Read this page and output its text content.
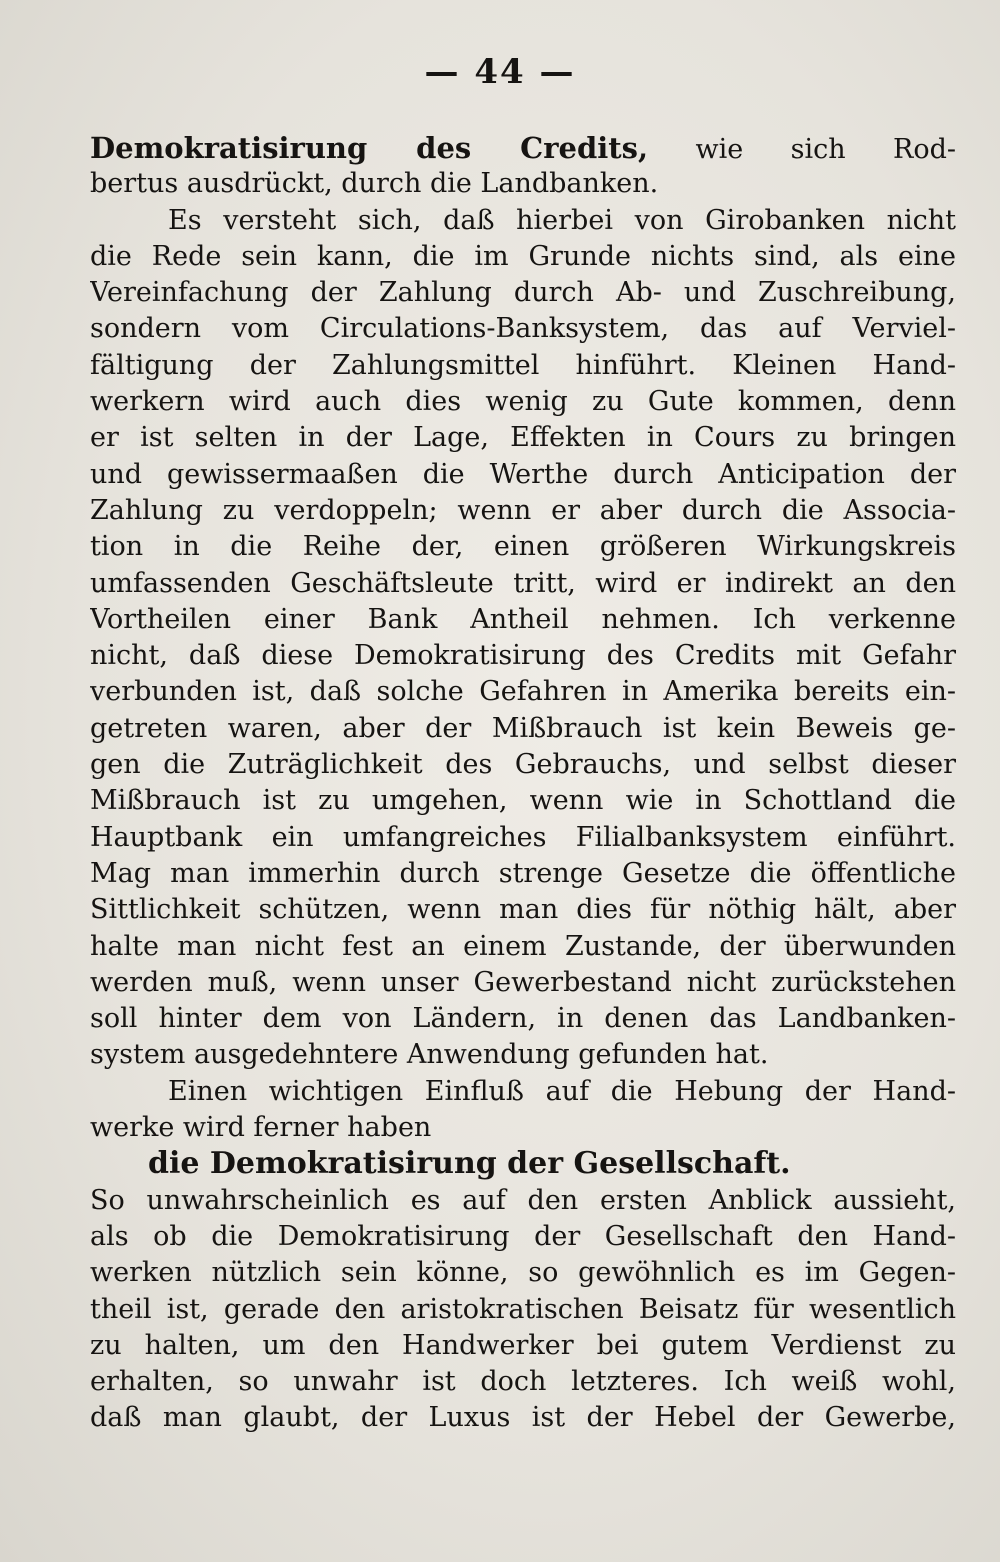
— 44 —
Demokratisirung des Credits, wie sich Rod-
bertus ausdrückt, durch die Landbanken.
Es versteht sich, daß hierbei von Girobanken nicht
die Rede sein kann, die im Grunde nichts sind, als eine
Vereinfachung der Zahlung durch Ab- und Zuschreibung,
sondern vom Circulations-Banksystem, das auf Verviel-
fältigung der Zahlungsmittel hinführt. Kleinen Hand-
werkern wird auch dies wenig zu Gute kommen, denn
er ist selten in der Lage, Effekten in Cours zu bringen
und gewissermaaßen die Werthe durch Anticipation der
Zahlung zu verdoppeln; wenn er aber durch die Associa-
tion in die Reihe der, einen größeren Wirkungskreis
umfassenden Geschäftsleute tritt, wird er indirekt an den
Vortheilen einer Bank Antheil nehmen. Ich verkenne
nicht, daß diese Demokratisirung des Credits mit Gefahr
verbunden ist, daß solche Gefahren in Amerika bereits ein-
getreten waren, aber der Mißbrauch ist kein Beweis ge-
gen die Zuträglichkeit des Gebrauchs, und selbst dieser
Mißbrauch ist zu umgehen, wenn wie in Schottland die
Hauptbank ein umfangreiches Filialbanksystem einführt.
Mag man immerhin durch strenge Gesetze die öffentliche
Sittlichkeit schützen, wenn man dies für nöthig hält, aber
halte man nicht fest an einem Zustande, der überwunden
werden muß, wenn unser Gewerbestand nicht zurückstehen
soll hinter dem von Ländern, in denen das Landbanken-
system ausgedehntere Anwendung gefunden hat.
Einen wichtigen Einfluß auf die Hebung der Hand-
werke wird ferner haben
die Demokratisirung der Gesellschaft.
So unwahrscheinlich es auf den ersten Anblick aussieht,
als ob die Demokratisirung der Gesellschaft den Hand-
werken nützlich sein könne, so gewöhnlich es im Gegen-
theil ist, gerade den aristokratischen Beisatz für wesentlich
zu halten, um den Handwerker bei gutem Verdienst zu
erhalten, so unwahr ist doch letzteres. Ich weiß wohl,
daß man glaubt, der Luxus ist der Hebel der Gewerbe,
